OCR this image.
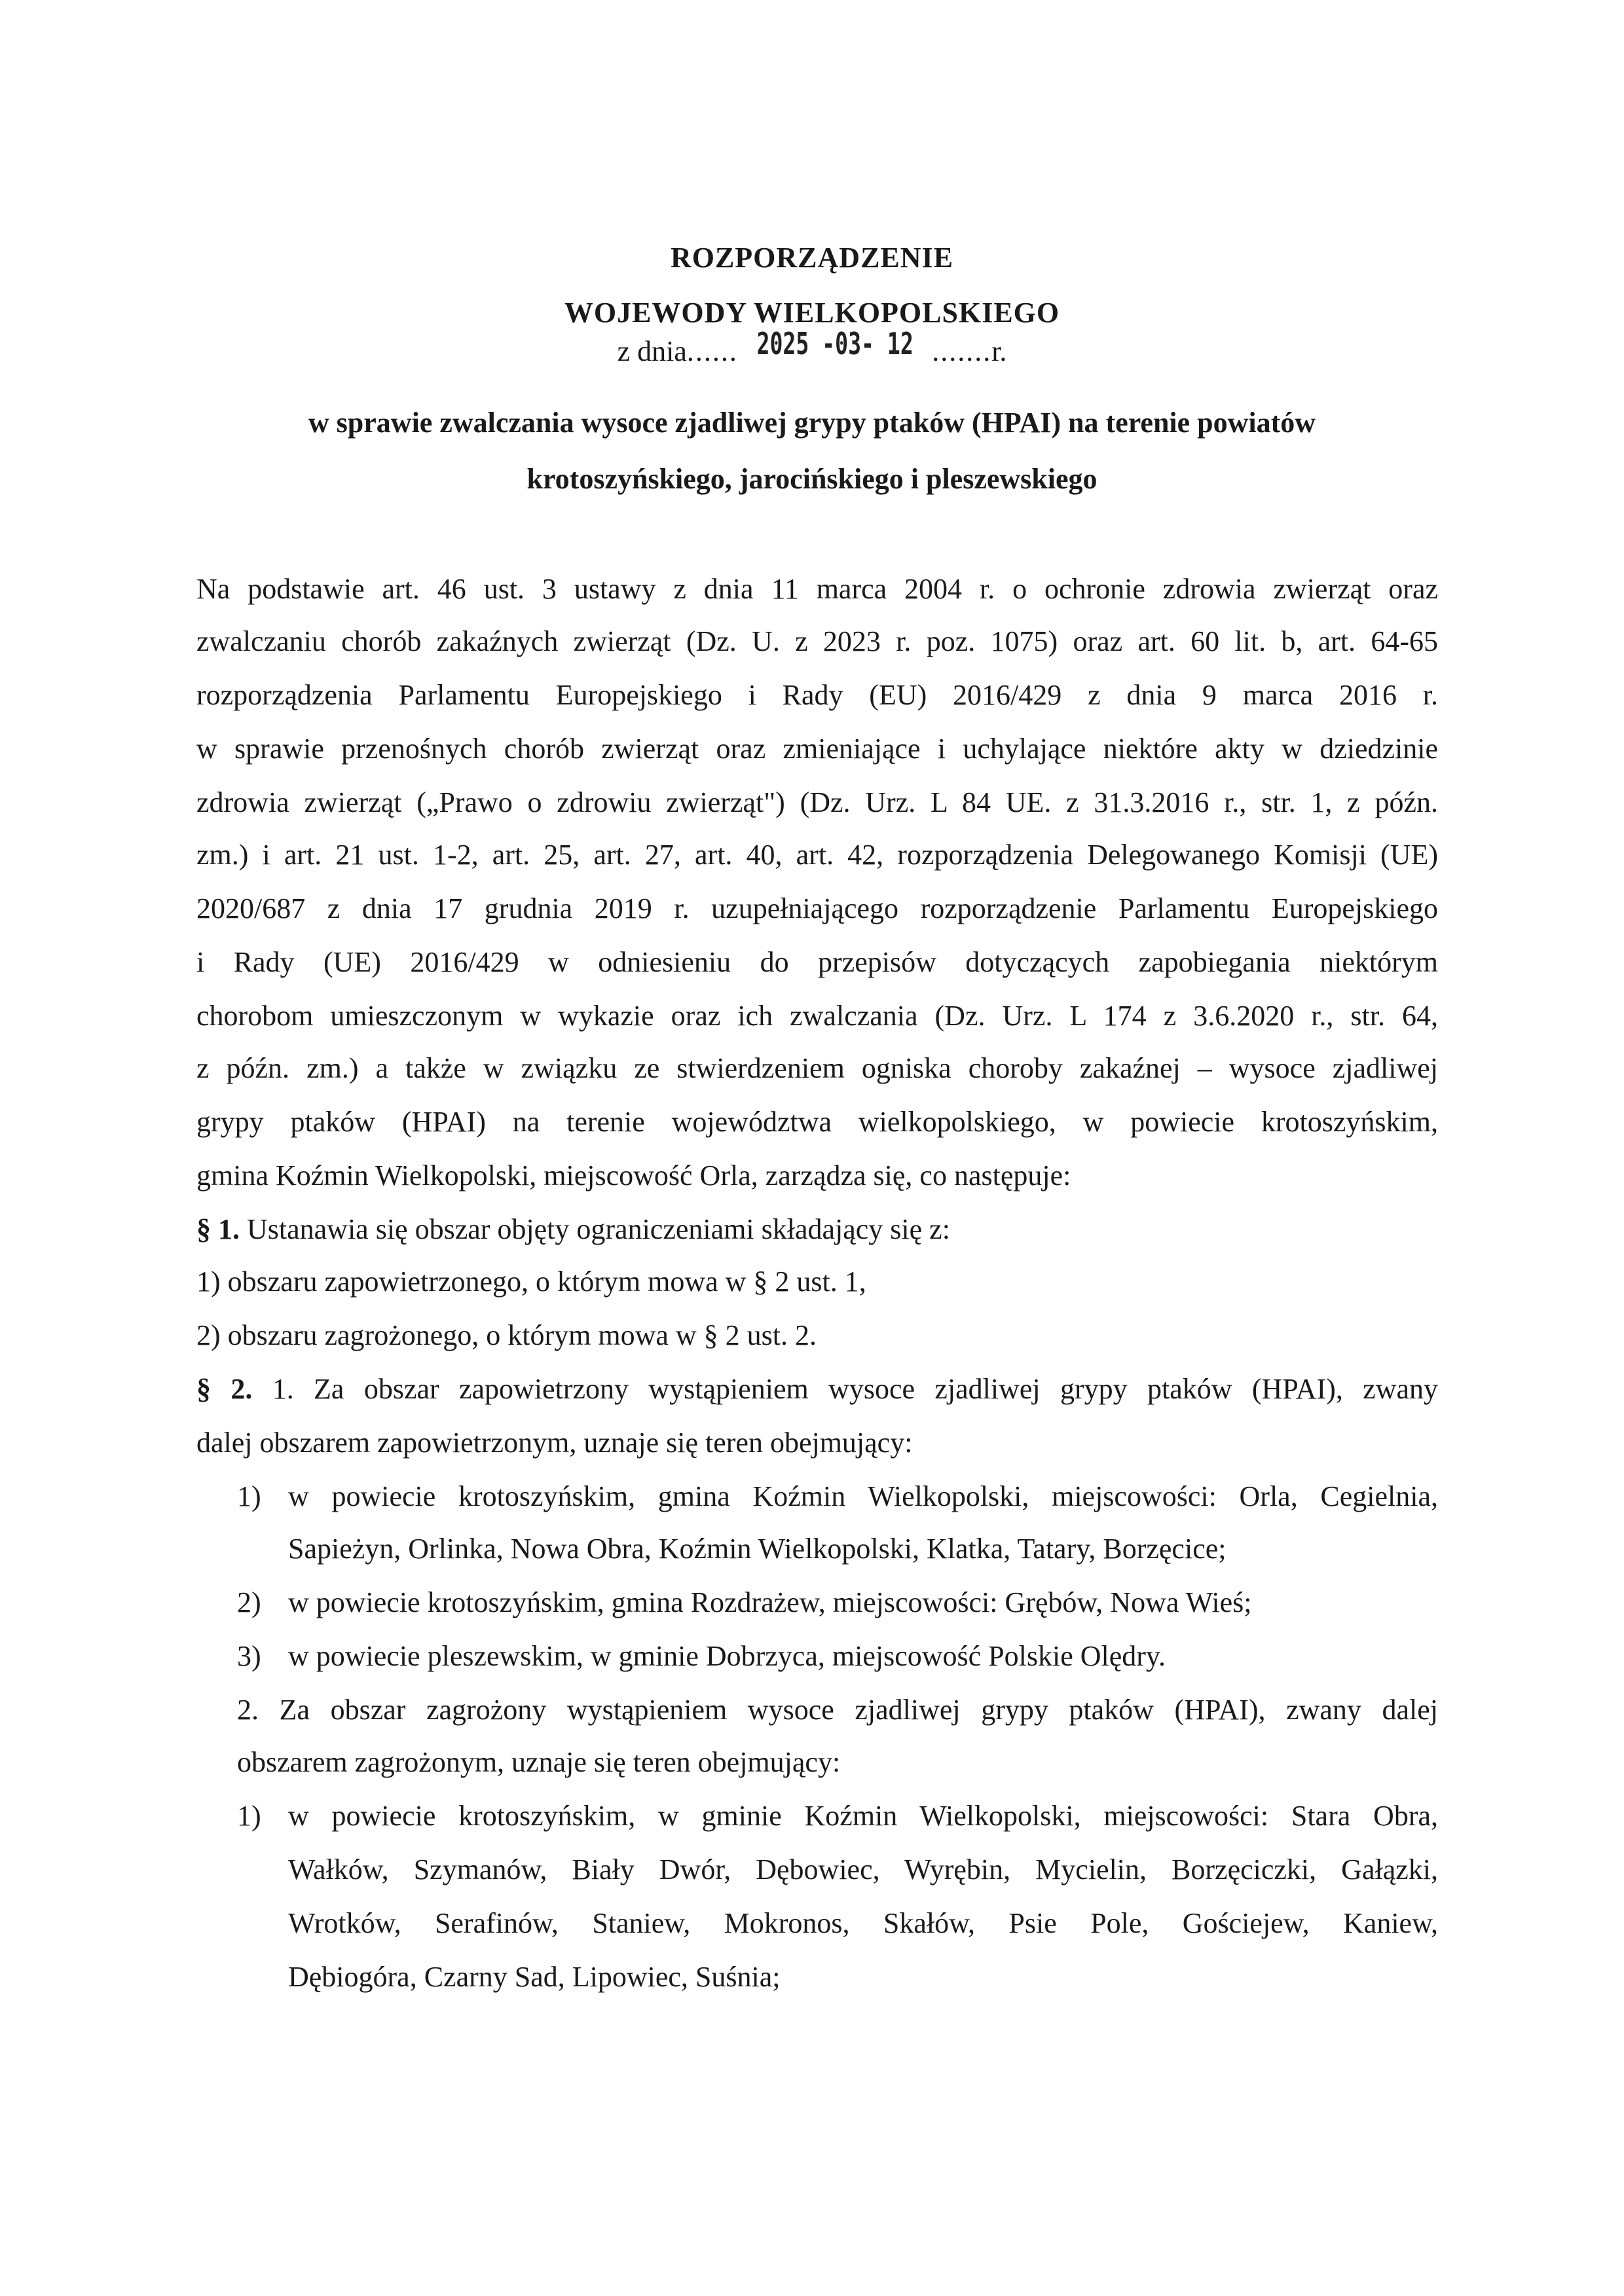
ROZPORZĄDZENIE
WOJEWODY WIELKOPOLSKIEGO
z dnia...... 2025 -03- 12 .......r.
w sprawie zwalczania wysoce zjadliwej grypy ptaków (HPAI) na terenie powiatów
krotoszyńskiego, jarocińskiego i pleszewskiego
Na podstawie art. 46 ust. 3 ustawy z dnia 11 marca 2004 r. o ochronie zdrowia zwierząt oraz
zwalczaniu chorób zakaźnych zwierząt (Dz. U. z 2023 r. poz. 1075) oraz art. 60 lit. b, art. 64-65
rozporządzenia Parlamentu Europejskiego i Rady (EU) 2016/429 z dnia 9 marca 2016 r.
w sprawie przenośnych chorób zwierząt oraz zmieniające i uchylające niektóre akty w dziedzinie
zdrowia zwierząt („Prawo o zdrowiu zwierząt") (Dz. Urz. L 84 UE. z 31.3.2016 r., str. 1, z późn.
zm.) i art. 21 ust. 1-2, art. 25, art. 27, art. 40, art. 42, rozporządzenia Delegowanego Komisji (UE)
2020/687 z dnia 17 grudnia 2019 r. uzupełniającego rozporządzenie Parlamentu Europejskiego
i Rady (UE) 2016/429 w odniesieniu do przepisów dotyczących zapobiegania niektórym
chorobom umieszczonym w wykazie oraz ich zwalczania (Dz. Urz. L 174 z 3.6.2020 r., str. 64,
z późn. zm.) a także w związku ze stwierdzeniem ogniska choroby zakaźnej – wysoce zjadliwej
grypy ptaków (HPAI) na terenie województwa wielkopolskiego, w powiecie krotoszyńskim,
gmina Koźmin Wielkopolski, miejscowość Orla, zarządza się, co następuje:
§ 1. Ustanawia się obszar objęty ograniczeniami składający się z:
1) obszaru zapowietrzonego, o którym mowa w § 2 ust. 1,
2) obszaru zagrożonego, o którym mowa w § 2 ust. 2.
§ 2. 1. Za obszar zapowietrzony wystąpieniem wysoce zjadliwej grypy ptaków (HPAI), zwany
dalej obszarem zapowietrzonym, uznaje się teren obejmujący:
1) w powiecie krotoszyńskim, gmina Koźmin Wielkopolski, miejscowości: Orla, Cegielnia,
Sapieżyn, Orlinka, Nowa Obra, Koźmin Wielkopolski, Klatka, Tatary, Borzęcice;
2) w powiecie krotoszyńskim, gmina Rozdrażew, miejscowości: Grębów, Nowa Wieś;
3) w powiecie pleszewskim, w gminie Dobrzyca, miejscowość Polskie Olędry.
2. Za obszar zagrożony wystąpieniem wysoce zjadliwej grypy ptaków (HPAI), zwany dalej
obszarem zagrożonym, uznaje się teren obejmujący:
1) w powiecie krotoszyńskim, w gminie Koźmin Wielkopolski, miejscowości: Stara Obra,
Wałków, Szymanów, Biały Dwór, Dębowiec, Wyrębin, Mycielin, Borzęciczki, Gałązki,
Wrotków, Serafinów, Staniew, Mokronos, Skałów, Psie Pole, Gościejew, Kaniew,
Dębiogóra, Czarny Sad, Lipowiec, Suśnia;
